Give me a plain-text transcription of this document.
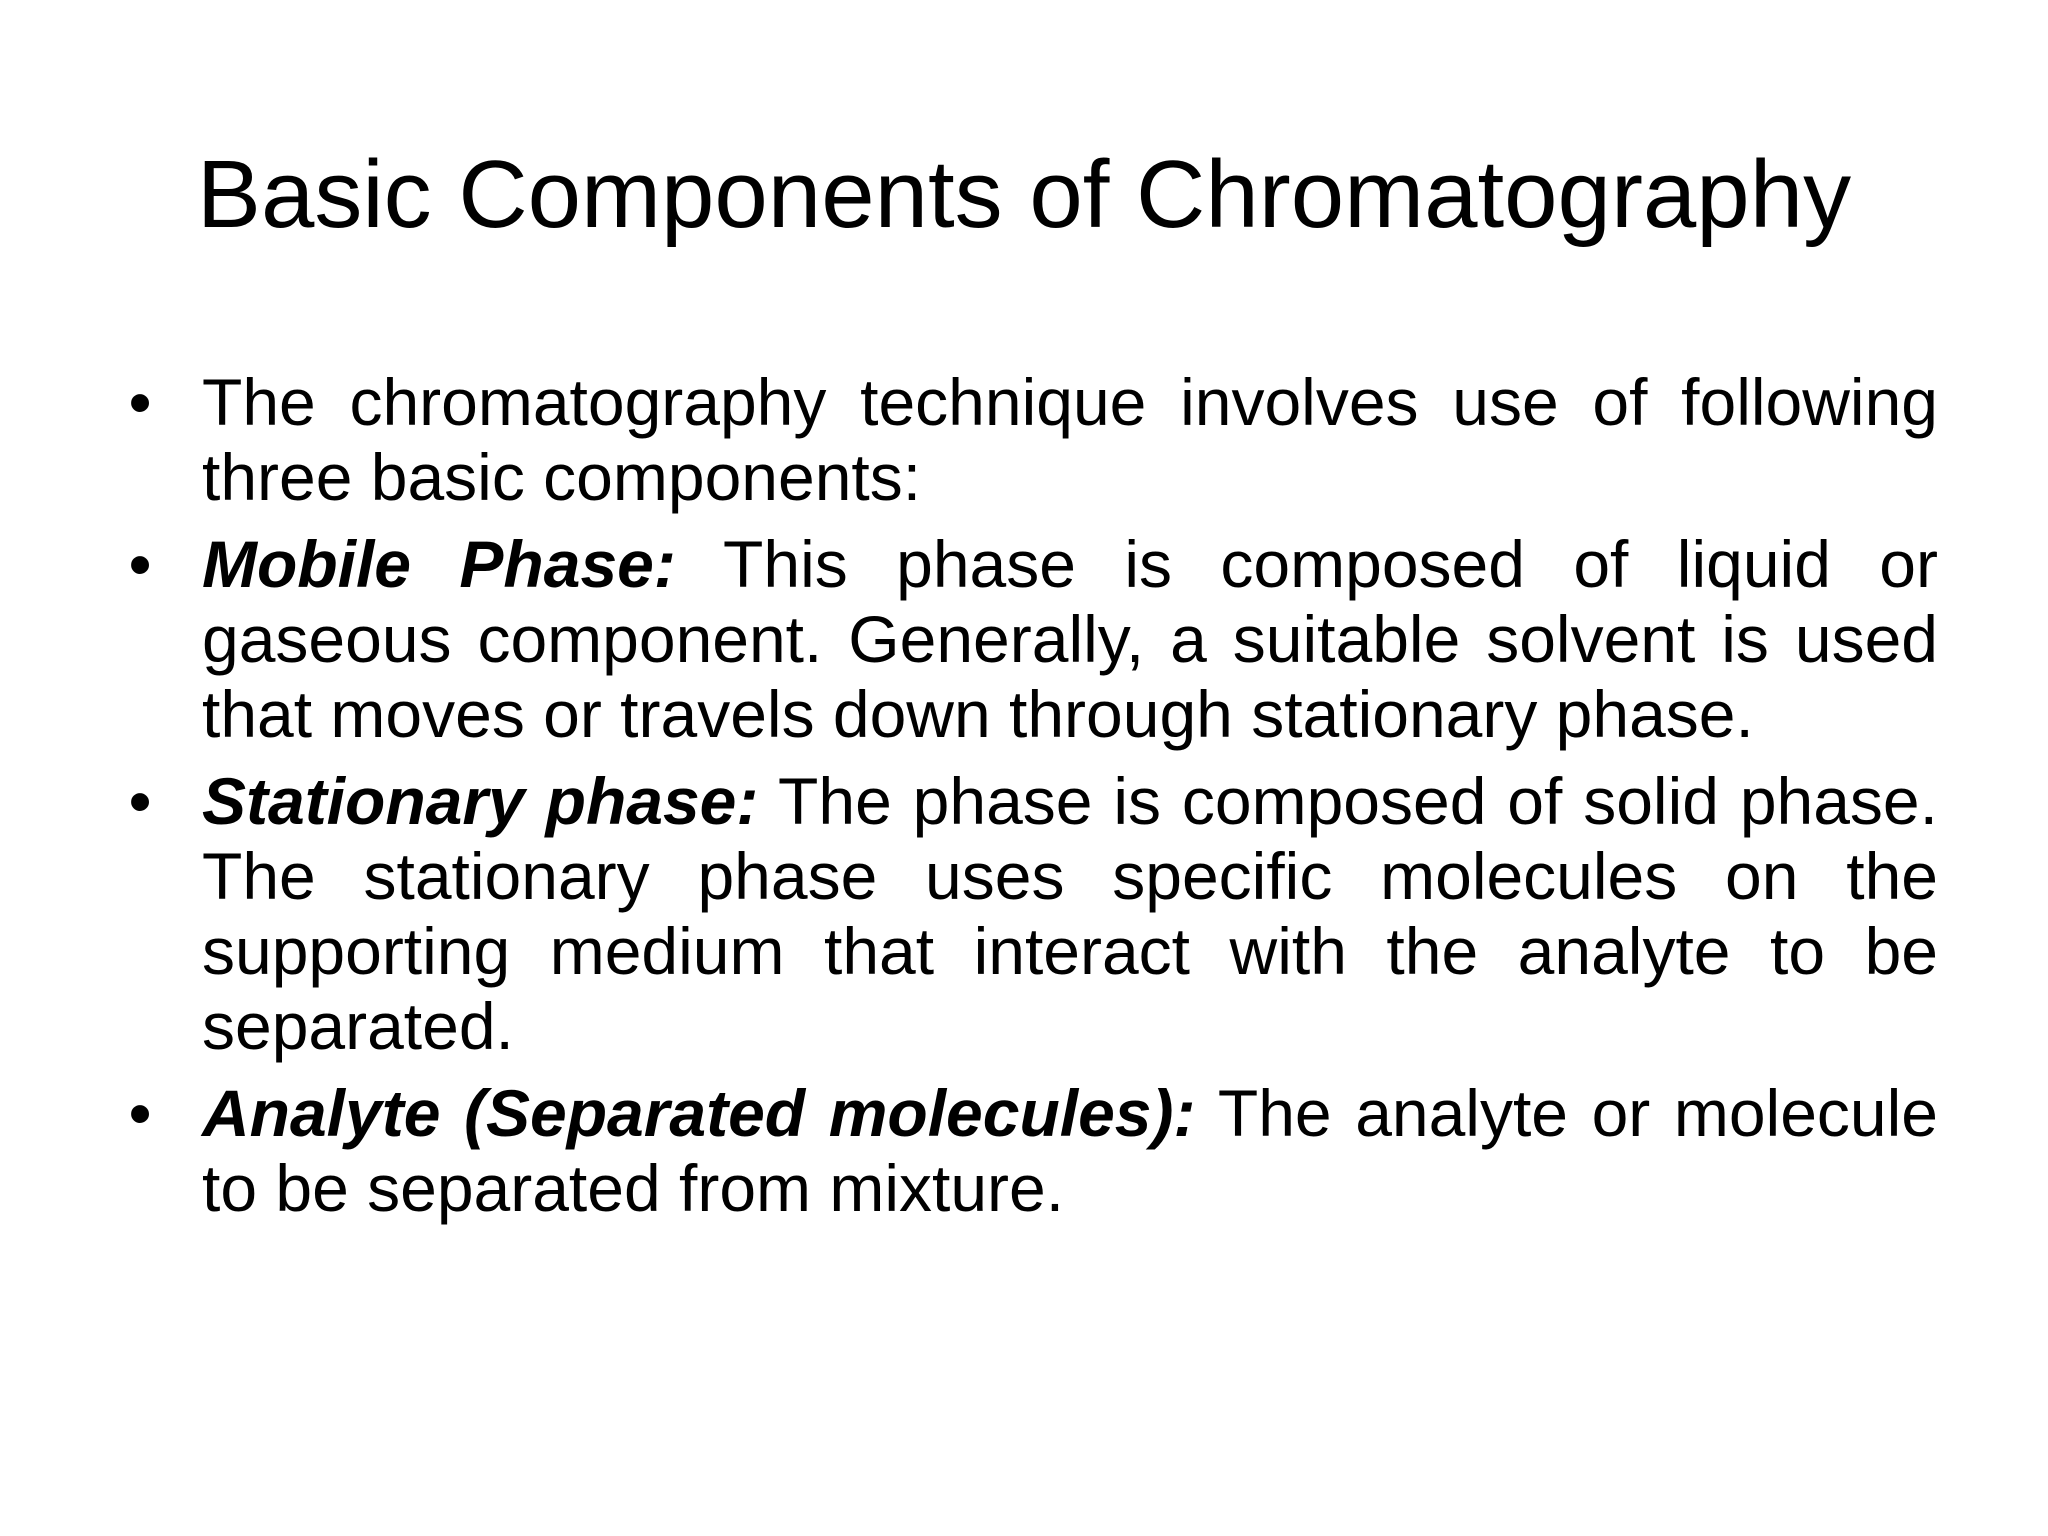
Basic Components of Chromatography
• The chromatography technique involves use of following three basic components:
• Mobile Phase: This phase is composed of liquid or gaseous component. Generally, a suitable solvent is used that moves or travels down through stationary phase.
• Stationary phase: The phase is composed of solid phase. The stationary phase uses specific molecules on the supporting medium that interact with the analyte to be separated.
• Analyte (Separated molecules): The analyte or molecule to be separated from mixture.
